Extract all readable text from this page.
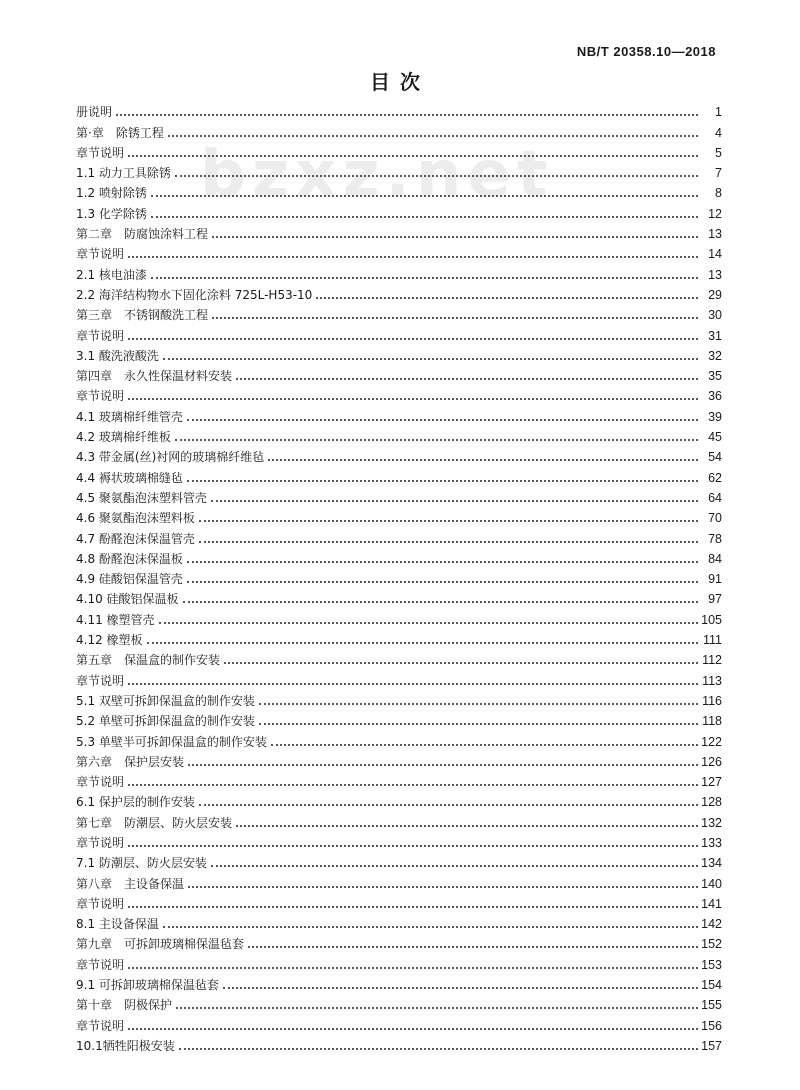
NB/T 20358.10—2018
目次
bzxz.net
册说明	1
第·章　除锈工程	4
章节说明	5
1.1 动力工具除锈	7
1.2 喷射除锈	8
1.3 化学除锈	12
第二章　防腐蚀涂料工程	13
章节说明	14
2.1 核电油漆	13
2.2 海洋结构物水下固化涂料 725L-H53-10	29
第三章　不锈钢酸洗工程	30
章节说明	31
3.1 酸洗液酸洗	32
第四章　永久性保温材料安装	35
章节说明	36
4.1 玻璃棉纤维管壳	39
4.2 玻璃棉纤维板	45
4.3 带金属(丝)衬网的玻璃棉纤维毡	54
4.4 褥状玻璃棉缝毡	62
4.5 聚氨酯泡沫塑料管壳	64
4.6 聚氨酯泡沫塑料板	70
4.7 酚醛泡沫保温管壳	78
4.8 酚醛泡沫保温板	84
4.9 硅酸铝保温管壳	91
4.10 硅酸铝保温板	97
4.11 橡塑管壳	105
4.12 橡塑板	111
第五章　保温盒的制作安装	112
章节说明	113
5.1 双壁可拆卸保温盒的制作安装	116
5.2 单壁可拆卸保温盒的制作安装	118
5.3 单壁半可拆卸保温盒的制作安装	122
第六章　保护层安装	126
章节说明	127
6.1 保护层的制作安装	128
第七章　防潮层、防火层安装	132
章节说明	133
7.1 防潮层、防火层安装	134
第八章　主设备保温	140
章节说明	141
8.1 主设备保温	142
第九章　可拆卸玻璃棉保温毡套	152
章节说明	153
9.1 可拆卸玻璃棉保温毡套	154
第十章　阴极保护	155
章节说明	156
10.1牺牲阳极安装	157
